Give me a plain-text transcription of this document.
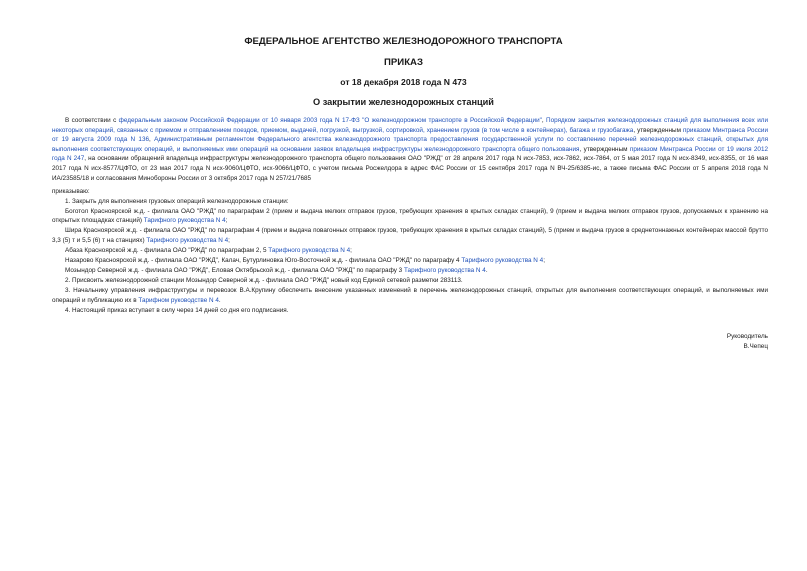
ФЕДЕРАЛЬНОЕ АГЕНТСТВО ЖЕЛЕЗНОДОРОЖНОГО ТРАНСПОРТА
ПРИКАЗ
от 18 декабря 2018 года N 473
О закрытии железнодорожных станций

В соответствии с федеральным законом Российской Федерации от 10 января 2003 года N 17-ФЗ "О железнодорожном транспорте в Российской Федерации", Порядком закрытия железнодорожных станций для выполнения всех или некоторых операций, связанных с приемом и отправлением поездов, приемом, выдачей, погрузкой, выгрузкой, сортировкой, хранением грузов (в том числе в контейнерах), багажа и грузобагажа, утвержденным приказом Минтранса России от 19 августа 2009 года N 136, Административным регламентом Федерального агентства железнодорожного транспорта предоставления государственной услуги по составлению перечней железнодорожных станций, открытых для выполнения соответствующих операций, и выполняемых ими операций на основании заявок владельцев инфраструктуры железнодорожного транспорта общего пользования, утвержденным приказом Минтранса России от 19 июля 2012 года N 247, на основании обращений владельца инфраструктуры железнодорожного транспорта общего пользования ОАО "РЖД" от 28 апреля 2017 года N исх-7853, исх-7862, исх-7864, от 5 мая 2017 года N исх-8349, исх-8355, от 16 мая 2017 года N исх-8577/ЦФТО, от 23 мая 2017 года N исх-9060/ЦФТО, исх-9066/ЦФТО, с учетом письма Росжелдора в адрес ФАС России от 15 сентября 2017 года N ВЧ-25/6385-ис, а также письма ФАС России от 5 апреля 2018 года N ИА/23585/18 и согласования Минобороны России от 3 октября 2017 года N 257/21/7685

приказываю:

1. Закрыть для выполнения грузовых операций железнодорожные станции:

Боготол Красноярской ж.д. - филиала ОАО "РЖД" по параграфам 2 (прием и выдача мелких отправок грузов, требующих хранения в крытых складах станций), 9 (прием и выдача мелких отправок грузов, допускаемых к хранению на открытых площадках станций) Тарифного руководства N 4;

Шира Красноярской ж.д. - филиала ОАО "РЖД" по параграфам 4 (прием и выдача повагонных отправок грузов, требующих хранения в крытых складах станций), 5 (прием и выдача грузов в среднетоннажных контейнерах массой брутто 3,3 (5) т и 5,5 (6) т на станциях) Тарифного руководства N 4;

Абаза Красноярской ж.д. - филиала ОАО "РЖД" по параграфам 2, 5 Тарифного руководства N 4;

Назарово Красноярской ж.д. - филиала ОАО "РЖД", Калач, Бутурлиновка Юго-Восточной ж.д. - филиала ОАО "РЖД" по параграфу 4 Тарифного руководства N 4;

Мозындор Северной ж.д. - филиала ОАО "РЖД", Еловая Октябрьской ж.д. - филиала ОАО "РЖД" по параграфу 3 Тарифного руководства N 4.

2. Присвоить железнодорожной станции Мозындор Северной ж.д. - филиала ОАО "РЖД" новый код Единой сетевой разметки 283113.

3. Начальнику управления инфраструктуры и перевозок В.А.Крупину обеспечить внесение указанных изменений в перечень железнодорожных станций, открытых для выполнения соответствующих операций, и выполняемых ими операций и публикацию их в Тарифном руководстве N 4.

4. Настоящий приказ вступает в силу через 14 дней со дня его подписания.

Руководитель
В.Чепец
